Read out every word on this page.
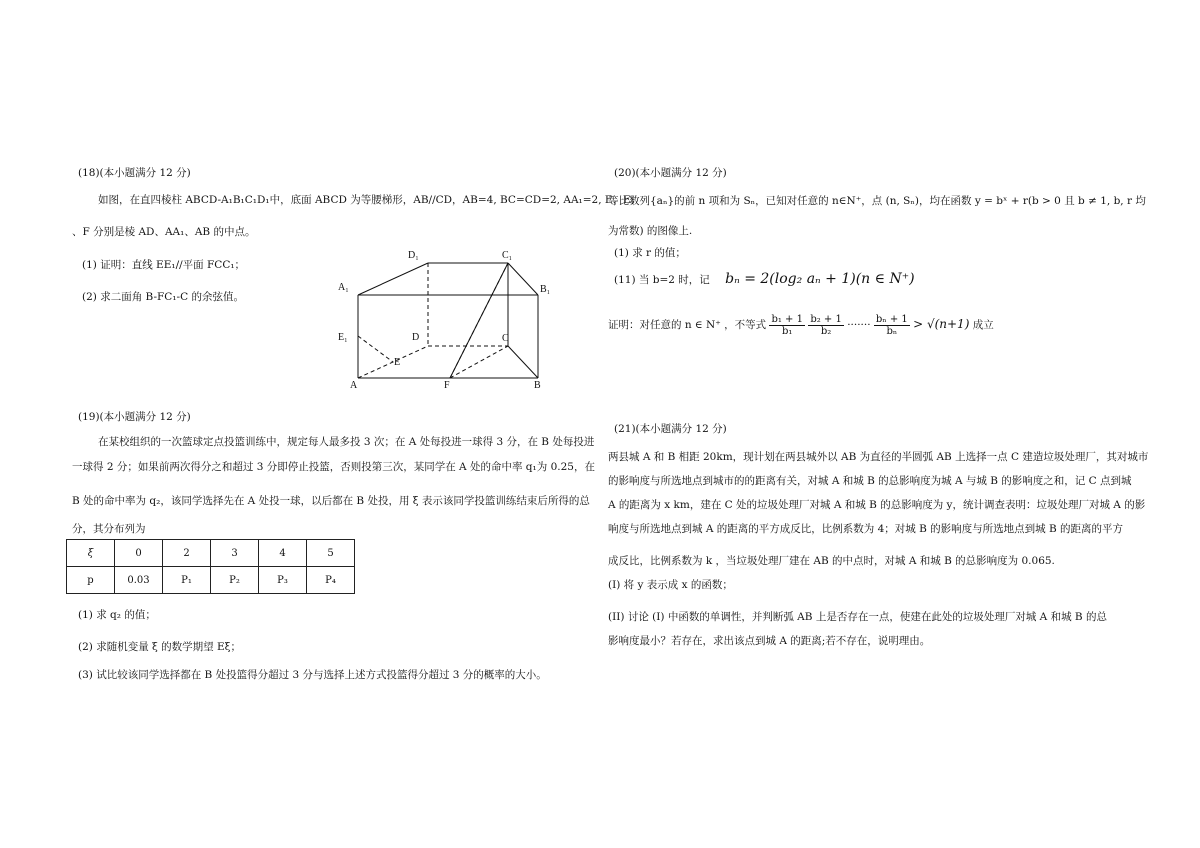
(18)(本小题满分 12 分)
如图，在直四棱柱 ABCD-A₁B₁C₁D₁中，底面 ABCD 为等腰梯形，AB//CD，AB=4, BC=CD=2, AA₁=2, E、E₁
、F 分别是棱 AD、AA₁、AB 的中点。
(1) 证明：直线 EE₁//平面 FCC₁；
(2) 求二面角 B-FC₁-C 的余弦值。
D₁	C₁
A₁	B₁
E₁	D	C
E
A	F	B
(19)(本小题满分 12 分)
在某校组织的一次篮球定点投篮训练中，规定每人最多投 3 次；在 A 处每投进一球得 3 分，在 B 处每投进
一球得 2 分；如果前两次得分之和超过 3 分即停止投篮，否则投第三次，某同学在 A 处的命中率 q₁为 0.25，在
B 处的命中率为 q₂，该同学选择先在 A 处投一球，以后都在 B 处投，用 ξ 表示该同学投篮训练结束后所得的总
分，其分布列为
ξ	0	2	3	4	5
p	0.03	P₁	P₂	P₃	P₄
(1) 求 q₂ 的值；
(2) 求随机变量 ξ 的数学期望 Eξ；
(3) 试比较该同学选择都在 B 处投篮得分超过 3 分与选择上述方式投篮得分超过 3 分的概率的大小。
(20)(本小题满分 12 分)
等比数列{aₙ}的前 n 项和为 Sₙ，已知对任意的 n∈N⁺，点 (n, Sₙ)，均在函数 y = bˣ + r(b > 0 且 b ≠ 1, b, r 均
为常数) 的图像上.
(1) 求 r 的值；
(11) 当 b=2 时，记 bₙ = 2(log₂ aₙ + 1)(n ∈ N⁺)
证明：对任意的 n ∈ N⁺ ，不等式 $\frac{\text{b₁ + 1}}{\text{b₁}}$
$\frac{\text{b₂ + 1}}{\text{b₂}}$ ······· $\frac{\text{bₙ + 1}}{\text{bₙ}} > √(n+1)$ 成立
(21)(本小题满分 12 分)
两县城 A 和 B 相距 20km，现计划在两县城外以 AB 为直径的半圆弧 AB 上选择一点 C 建造垃圾处理厂，其对城市
的影响度与所选地点到城市的的距离有关，对城 A 和城 B 的总影响度为城 A 与城 B 的影响度之和，记 C 点到城
A 的距离为 x km，建在 C 处的垃圾处理厂对城 A 和城 B 的总影响度为 y，统计调查表明：垃圾处理厂对城 A 的影
响度与所选地点到城 A 的距离的平方成反比，比例系数为 4；对城 B 的影响度与所选地点到城 B 的距离的平方
成反比，比例系数为 k ，当垃圾处理厂建在 AB 的中点时，对城 A 和城 B 的总影响度为 0.065.
(I) 将 y 表示成 x 的函数；
(II) 讨论 (I) 中函数的单调性，并判断弧 AB 上是否存在一点，使建在此处的垃圾处理厂对城 A 和城 B 的总
影响度最小？若存在，求出该点到城 A 的距离;若不存在，说明理由。
